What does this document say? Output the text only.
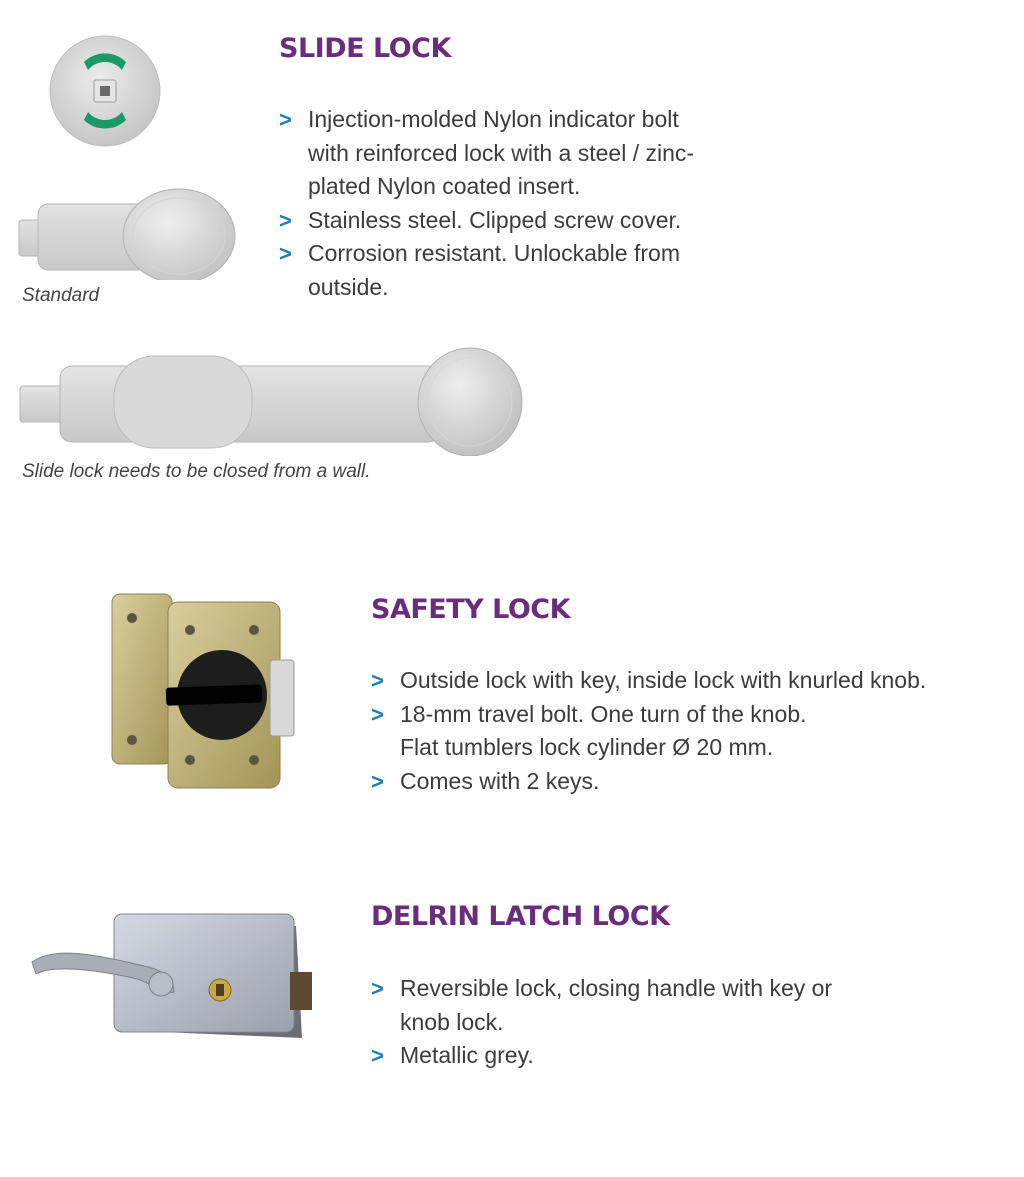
Standard

Slide lock needs to be closed from a wall.

SLIDE LOCK
> Injection-molded Nylon indicator bolt with reinforced lock with a steel / zinc-plated Nylon coated insert.
> Stainless steel. Clipped screw cover.
> Corrosion resistant. Unlockable from outside.
SAFETY LOCK
> Outside lock with key, inside lock with knurled knob.
> 18-mm travel bolt. One turn of the knob. Flat tumblers lock cylinder Ø 20 mm.
> Comes with 2 keys.
DELRIN LATCH LOCK
> Reversible lock, closing handle with key or knob lock.
> Metallic grey.
